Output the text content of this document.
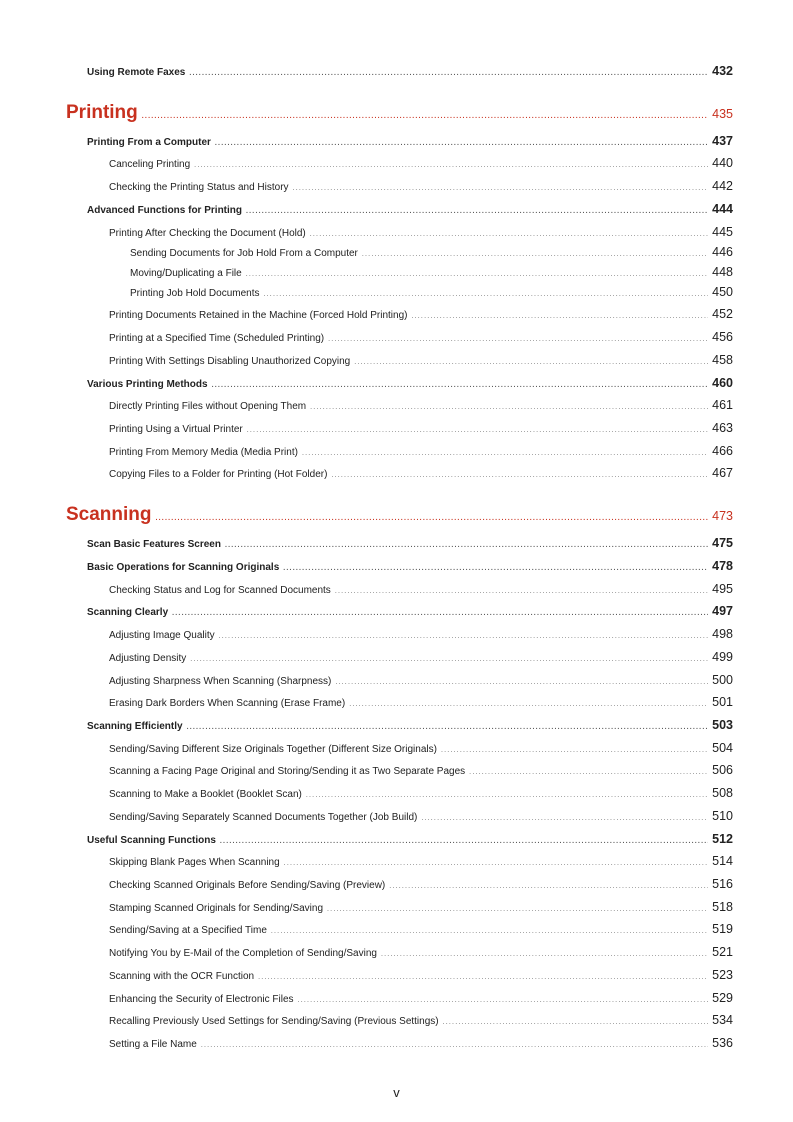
Using Remote Faxes .....	432
Printing .....	435
Printing From a Computer .....	437
Canceling Printing .....	440
Checking the Printing Status and History .....	442
Advanced Functions for Printing .....	444
Printing After Checking the Document (Hold) .....	445
Sending Documents for Job Hold From a Computer .....	446
Moving/Duplicating a File .....	448
Printing Job Hold Documents .....	450
Printing Documents Retained in the Machine (Forced Hold Printing) .....	452
Printing at a Specified Time (Scheduled Printing) .....	456
Printing With Settings Disabling Unauthorized Copying .....	458
Various Printing Methods .....	460
Directly Printing Files without Opening Them .....	461
Printing Using a Virtual Printer .....	463
Printing From Memory Media (Media Print) .....	466
Copying Files to a Folder for Printing (Hot Folder) .....	467
Scanning .....	473
Scan Basic Features Screen .....	475
Basic Operations for Scanning Originals .....	478
Checking Status and Log for Scanned Documents .....	495
Scanning Clearly .....	497
Adjusting Image Quality .....	498
Adjusting Density .....	499
Adjusting Sharpness When Scanning (Sharpness) .....	500
Erasing Dark Borders When Scanning (Erase Frame) .....	501
Scanning Efficiently .....	503
Sending/Saving Different Size Originals Together (Different Size Originals) .....	504
Scanning a Facing Page Original and Storing/Sending it as Two Separate Pages .....	506
Scanning to Make a Booklet (Booklet Scan) .....	508
Sending/Saving Separately Scanned Documents Together (Job Build) .....	510
Useful Scanning Functions .....	512
Skipping Blank Pages When Scanning .....	514
Checking Scanned Originals Before Sending/Saving (Preview) .....	516
Stamping Scanned Originals for Sending/Saving .....	518
Sending/Saving at a Specified Time .....	519
Notifying You by E-Mail of the Completion of Sending/Saving .....	521
Scanning with the OCR Function .....	523
Enhancing the Security of Electronic Files .....	529
Recalling Previously Used Settings for Sending/Saving (Previous Settings) .....	534
Setting a File Name .....	536
v
